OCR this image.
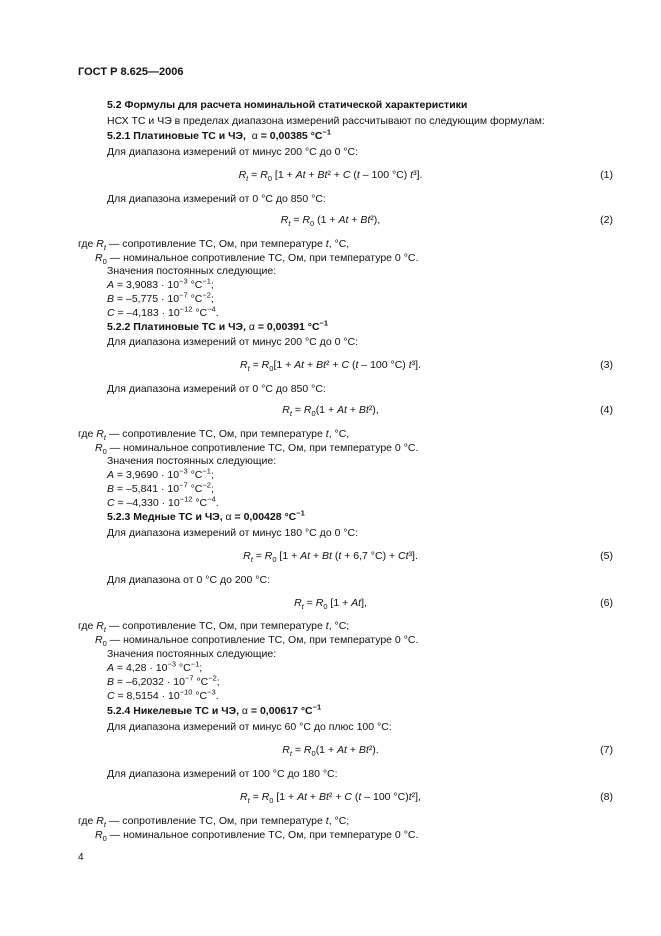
ГОСТ Р 8.625—2006
5.2 Формулы для расчета номинальной статической характеристики
НСХ ТС и ЧЭ в пределах диапазона измерений рассчитывают по следующим формулам:
5.2.1 Платиновые ТС и ЧЭ,  α = 0,00385 $^\circ С^{-1}$
Для диапазона измерений от минус 200 °С до 0 °С:
$R_t = R_0$ [1 + At + Bt² + C (t – 100 °С) t³].	(1)
Для диапазона измерений от 0 °С до 850 °С:
$R_t = R_0$ (1 + At + Bt²),	(2)
где $R_t$ — сопротивление ТС, Ом, при температуре t, °С,
$R_0$ — номинальное сопротивление ТС, Ом, при температуре 0 °С.
Значения постоянных следующие:
$A = 3,9083 \cdot 10^{-3}$ $^\circ С^{-1}$;
$B = -5,775 \cdot 10^{-7}$ $^\circ С^{-2}$;
$C = -4,183 \cdot 10^{-12}$ $^\circ С^{-4}$.
5.2.2 Платиновые ТС и ЧЭ, α = 0,00391 $^\circ С^{-1}$
Для диапазона измерений от минус 200 °С до 0 °С:
$R_t = R_0[1 + At + Bt^2 + C$ (t – 100 °С) t³].	(3)
Для диапазона измерений от 0 °С до 850 °С:
$R_t = R_0(1 + At + Bt^2)$,	(4)
где $R_t$ — сопротивление ТС, Ом, при температуре t, °С,
$R_0$ — номинальное сопротивление ТС, Ом, при температуре 0 °С.
Значения постоянных следующие:
$A = 3,9690 \cdot 10^{-3}$ $^\circ С^{-1}$;
$B = -5,841 \cdot 10^{-7}$ $^\circ С^{-2}$;
$C = -4,330 \cdot 10^{-12}$ $^\circ С^{-4}$.
5.2.3 Медные ТС и ЧЭ, α = 0,00428 $^\circ С^{-1}$
Для диапазона измерений от минус 180 °С до 0 °С:
$R_t = R_0$ [1 + At + Bt (t + 6,7 °С) + Ct³].	(5)
Для диапазона от 0 °С до 200 °С:
$R_t = R_0$ [1 + At],	(6)
где $R_t$ — сопротивление ТС, Ом, при температуре t, °С;
$R_0$ — номинальное сопротивление ТС, Ом, при температуре 0 °С.
Значения постоянных следующие:
$A = 4,28 \cdot 10^{-3}$ $^\circ С^{-1}$;
$B = -6,2032 \cdot 10^{-7}$ $^\circ С^{-2}$;
$C = 8,5154 \cdot 10^{-10}$ $^\circ С^{-3}$.
5.2.4 Никелевые ТС и ЧЭ, α = 0,00617 $^\circ С^{-1}$
Для диапазона измерений от минус 60 °С до плюс 100 °С:
$R_t = R_0(1 + At + Bt^2)$.	(7)
Для диапазона измерений от 100 °С до 180 °С:
$R_t = R_0$ [1 + At + Bt² + C (t – 100 °С)t²],	(8)
где $R_t$ — сопротивление ТС, Ом, при температуре t, °С;
$R_0$ — номинальное сопротивление ТС, Ом, при температуре 0 °С.
4
